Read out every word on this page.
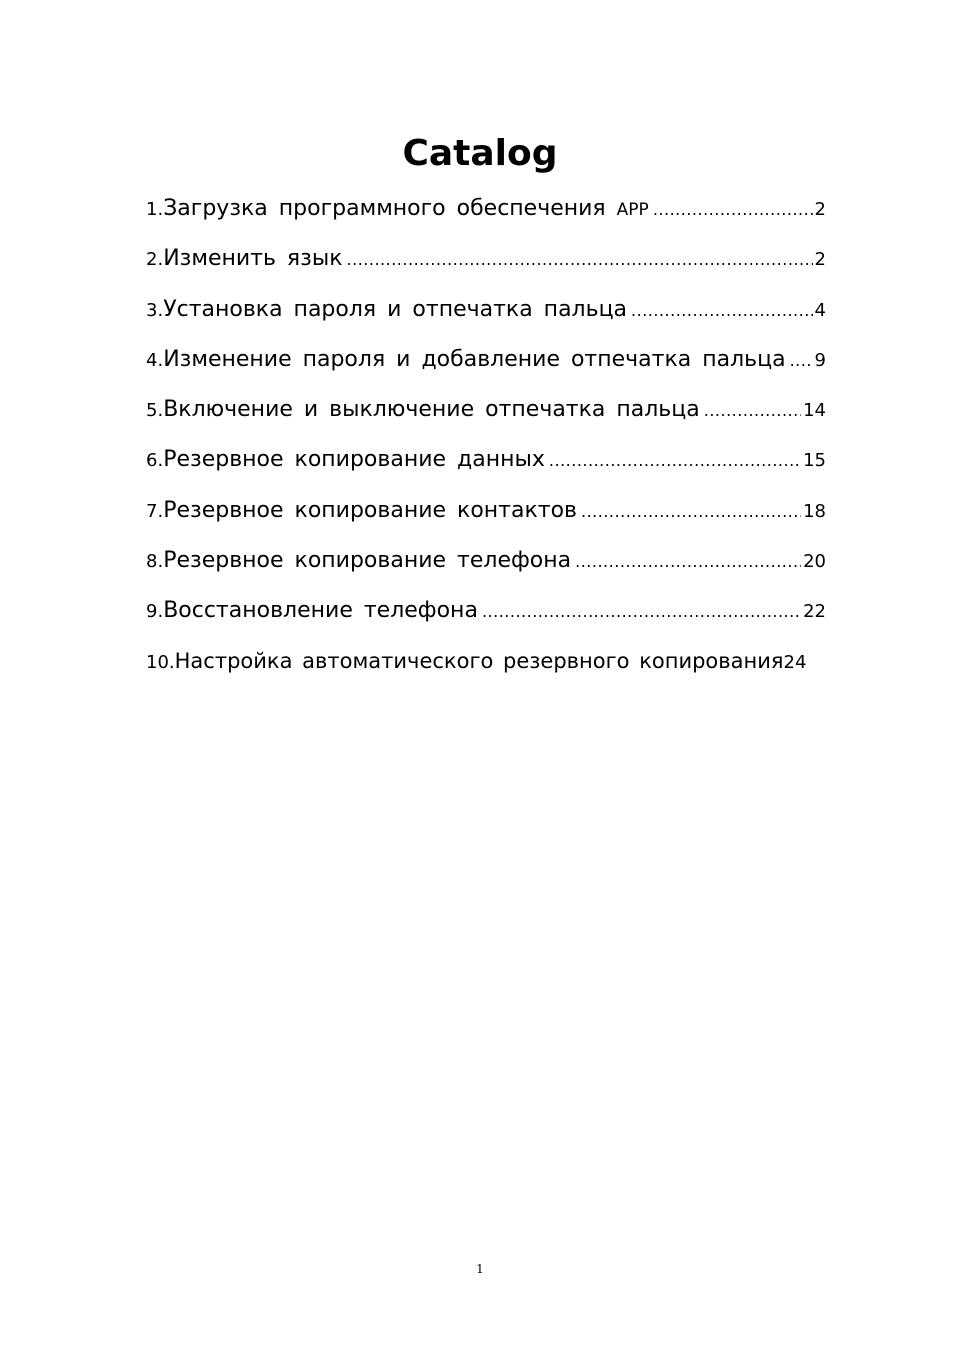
Catalog
1. Загрузка программного обеспечения APP .....	2
2. Изменить язык .....	2
3. Установка пароля и отпечатка пальца .....	4
4. Изменение пароля и добавление отпечатка пальца ..... 9
5. Включение и выключение отпечатка пальца .....	14
6. Резервное копирование данных .....	15
7. Резервное копирование контактов .....	18
8. Резервное копирование телефона .....	20
9. Восстановление телефона .....	22
10. Настройка автоматического резервного копирования 24
1
